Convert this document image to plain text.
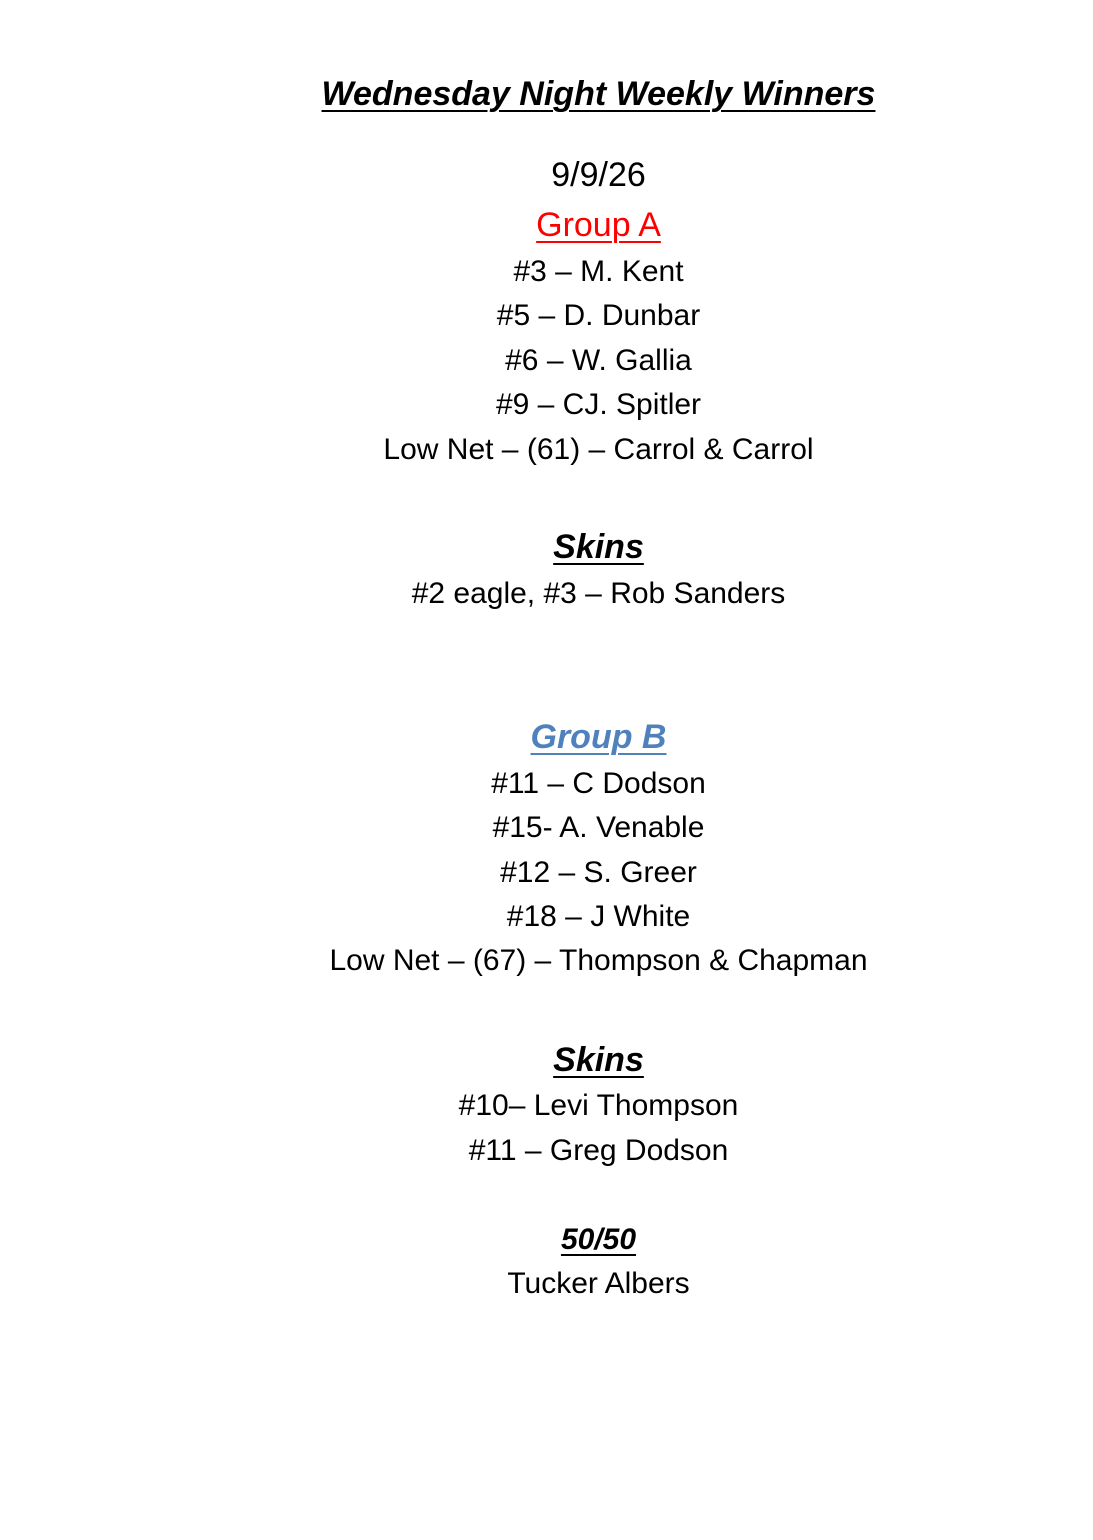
Wednesday Night Weekly Winners
9/9/26
Group A
#3 – M. Kent
#5 – D. Dunbar
#6 – W. Gallia
#9 – CJ. Spitler
Low Net – (61) – Carrol & Carrol
Skins
#2 eagle, #3 – Rob Sanders
Group B
#11 – C Dodson
#15- A. Venable
#12 – S. Greer
#18 – J White
Low Net – (67) – Thompson & Chapman
Skins
#10– Levi Thompson
#11 – Greg Dodson
50/50
Tucker Albers
